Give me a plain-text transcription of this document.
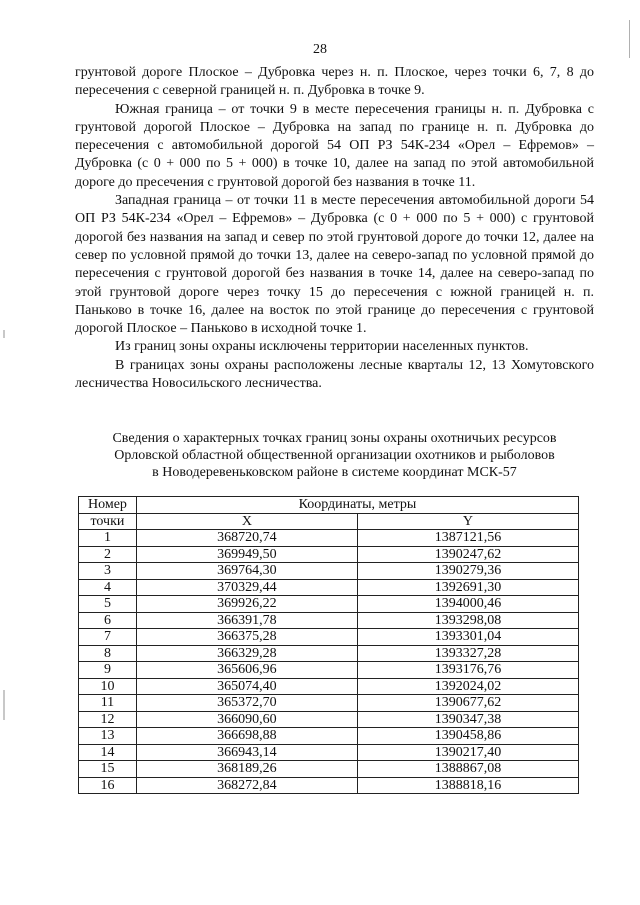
28

грунтовой дороге Плоское – Дубровка через н. п. Плоское, через точки 6, 7, 8 до пересечения с северной границей н. п. Дубровка в точке 9.

Южная граница – от точки 9 в месте пересечения границы н. п. Дубровка с грунтовой дорогой Плоское – Дубровка на запад по границе н. п. Дубровка до пересечения с автомобильной дорогой 54 ОП РЗ 54К-234 «Орел – Ефремов» – Дубровка (с 0 + 000 по 5 + 000) в точке 10, далее на запад по этой автомобильной дороге до пресечения с грунтовой дорогой без названия в точке 11.

Западная граница – от точки 11 в месте пересечения автомобильной дороги 54 ОП РЗ 54К-234 «Орел – Ефремов» – Дубровка (с 0 + 000 по 5 + 000) с грунтовой дорогой без названия на запад и север по этой грунтовой дороге до точки 12, далее на север по условной прямой до точки 13, далее на северо-запад по условной прямой до пересечения с грунтовой дорогой без названия в точке 14, далее на северо-запад по этой грунтовой дороге через точку 15 до пересечения с южной границей н. п. Паньково в точке 16, далее на восток по этой границе до пересечения с грунтовой дорогой Плоское – Паньково в исходной точке 1.

Из границ зоны охраны исключены территории населенных пунктов.

В границах зоны охраны расположены лесные кварталы 12, 13 Хомутовского лесничества Новосильского лесничества.

Сведения о характерных точках границ зоны охраны охотничьих ресурсов
Орловской областной общественной организации охотников и рыболовов
в Новодеревеньковском районе в системе координат МСК-57
Номер	Координаты, метры	
точки	X	Y
1	368720,74	1387121,56
2	369949,50	1390247,62
3	369764,30	1390279,36
4	370329,44	1392691,30
5	369926,22	1394000,46
6	366391,78	1393298,08
7	366375,28	1393301,04
8	366329,28	1393327,28
9	365606,96	1393176,76
10	365074,40	1392024,02
11	365372,70	1390677,62
12	366090,60	1390347,38
13	366698,88	1390458,86
14	366943,14	1390217,40
15	368189,26	1388867,08
16	368272,84	1388818,16
